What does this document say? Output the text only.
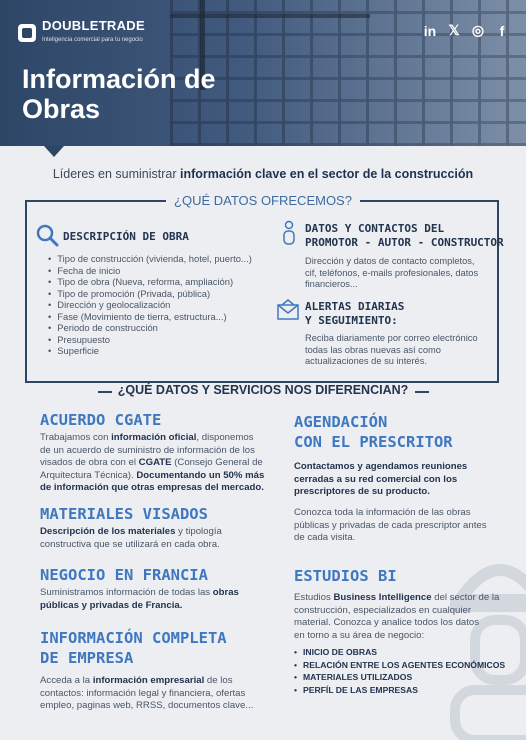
DOUBLETRADE
Inteligencia comercial para tu negocio
in 𝕏 ◎	f
Información de
Obras
Líderes en suministrar información clave en el sector de la construcción
¿QUÉ DATOS OFRECEMOS?
DESCRIPCIÓN DE OBRA
• Tipo de construcción (vivienda, hotel, puerto...)
• Fecha de inicio
• Tipo de obra (Nueva, reforma, ampliación)
• Tipo de promoción (Privada, pública)
• Dirección y geolocalización
• Fase (Movimiento de tierra, estructura...)
• Periodo de construcción
• Presupuesto
• Superficie
DATOS Y CONTACTOS DEL
PROMOTOR - AUTOR - CONSTRUCTOR

Dirección y datos de contacto completos,
cif, teléfonos, e-mails profesionales, datos
financieros...

ALERTAS DIARIAS
Y SEGUIMIENTO:

Reciba diariamente por correo electrónico
todas las obras nuevas así como
actualizaciones de su interés.

¿QUÉ DATOS Y SERVICIOS NOS DIFERENCIAN?
ACUERDO CGATE

Trabajamos con información oficial, disponemos
de un acuerdo de suministro de información de los
visados de obra con el CGATE (Consejo General de
Arquitectura Técnica). Documentando un 50% más
de información que otras empresas del mercado.

MATERIALES VISADOS

Descripción de los materiales y tipología
constructiva que se utilizará en cada obra.

NEGOCIO EN FRANCIA

Suministramos información de todas las obras
públicas y privadas de Francia.

INFORMACIÓN COMPLETA
DE EMPRESA

Acceda a la información empresarial de los
contactos: información legal y financiera, ofertas
empleo, paginas web, RRSS, documentos clave...

AGENDACIÓN
CON EL PRESCRITOR

Contactamos y agendamos reuniones
cerradas a su red comercial con los
prescriptores de su producto.

Conozca toda la información de las obras
públicas y privadas de cada prescriptor antes
de cada visita.

ESTUDIOS BI

Estudios Business Intelligence del sector de la
construcción, especializados en cualquier
material. Conozca y analice todos los datos
en torno a su área de negocio:

• INICIO DE OBRAS
• RELACIÓN ENTRE LOS AGENTES ECONÓMICOS
• MATERIALES UTILIZADOS
• PERFÍL DE LAS EMPRESAS
